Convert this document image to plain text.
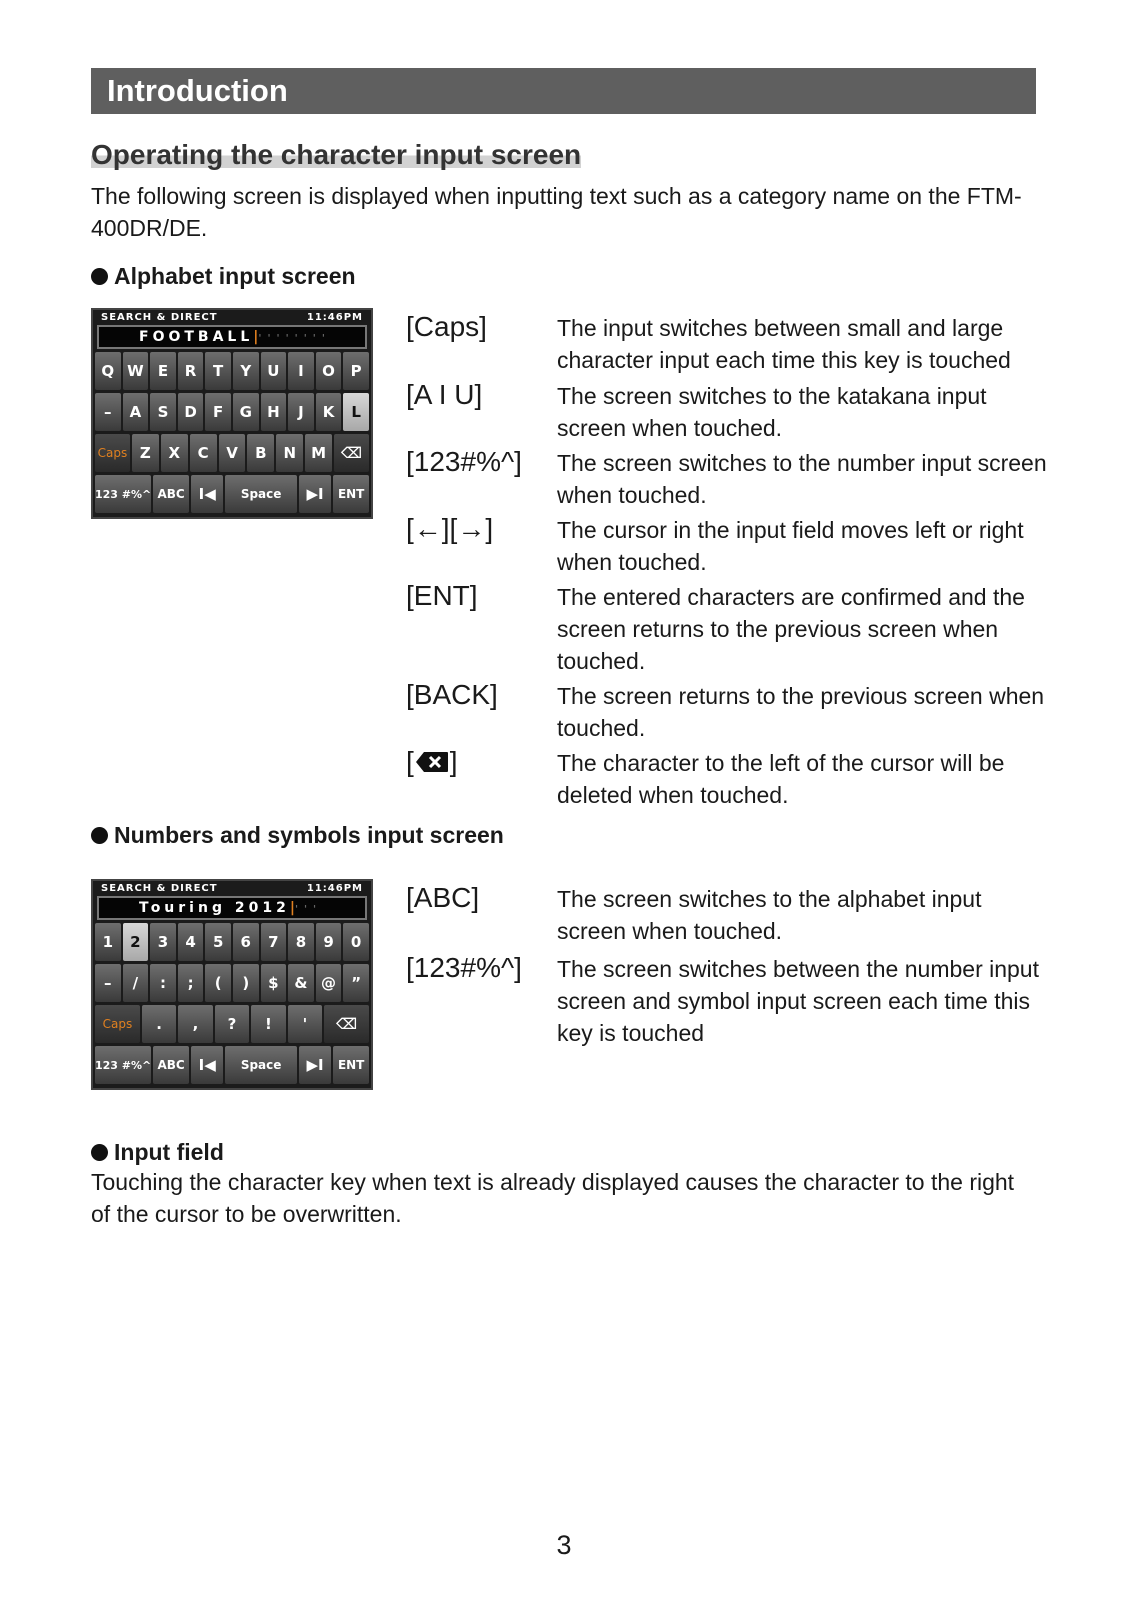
Introduction
Operating the character input screen
The following screen is displayed when inputting text such as a category name on the FTM-400DR/DE.
Alphabet input screen
SEARCH & DIRECT	11:46PM
FOOTBALL|''''''''
Q W E	R	T	Y	U	I	O	P
–	A	S	D	F	G	H	J	K	L
Caps Z	X	C	V	B	N	M ⌫
123 #%^ ABC I◀	Space	▶I	ENT
[Caps]	The input switches between small and large character input each time this key is touched
[A I U]	The screen switches to the katakana input screen when touched.
[123#%^] The screen switches to the number input screen when touched.
[←][→]	The cursor in the input field moves left or right when touched.
[ENT]	The entered characters are confirmed and the screen returns to the previous screen when touched.
[BACK]	The screen returns to the previous screen when touched.
[ ]	The character to the left of the cursor will be deleted when touched.
Numbers and symbols input screen
SEARCH & DIRECT	11:46PM
Touring 2012|'''
1	2	3	4	5	6	7	8	9	0
–	/	:	;	(	)	$	& @	”
Caps	.	,	?	!	'	⌫
123 #%^ ABC I◀	Space	▶I	ENT
[ABC]	The screen switches to the alphabet input screen when touched.
[123#%^] The screen switches between the number input screen and symbol input screen each time this key is touched
Input field
Touching the character key when text is already displayed causes the character to the right of the cursor to be overwritten.
3
